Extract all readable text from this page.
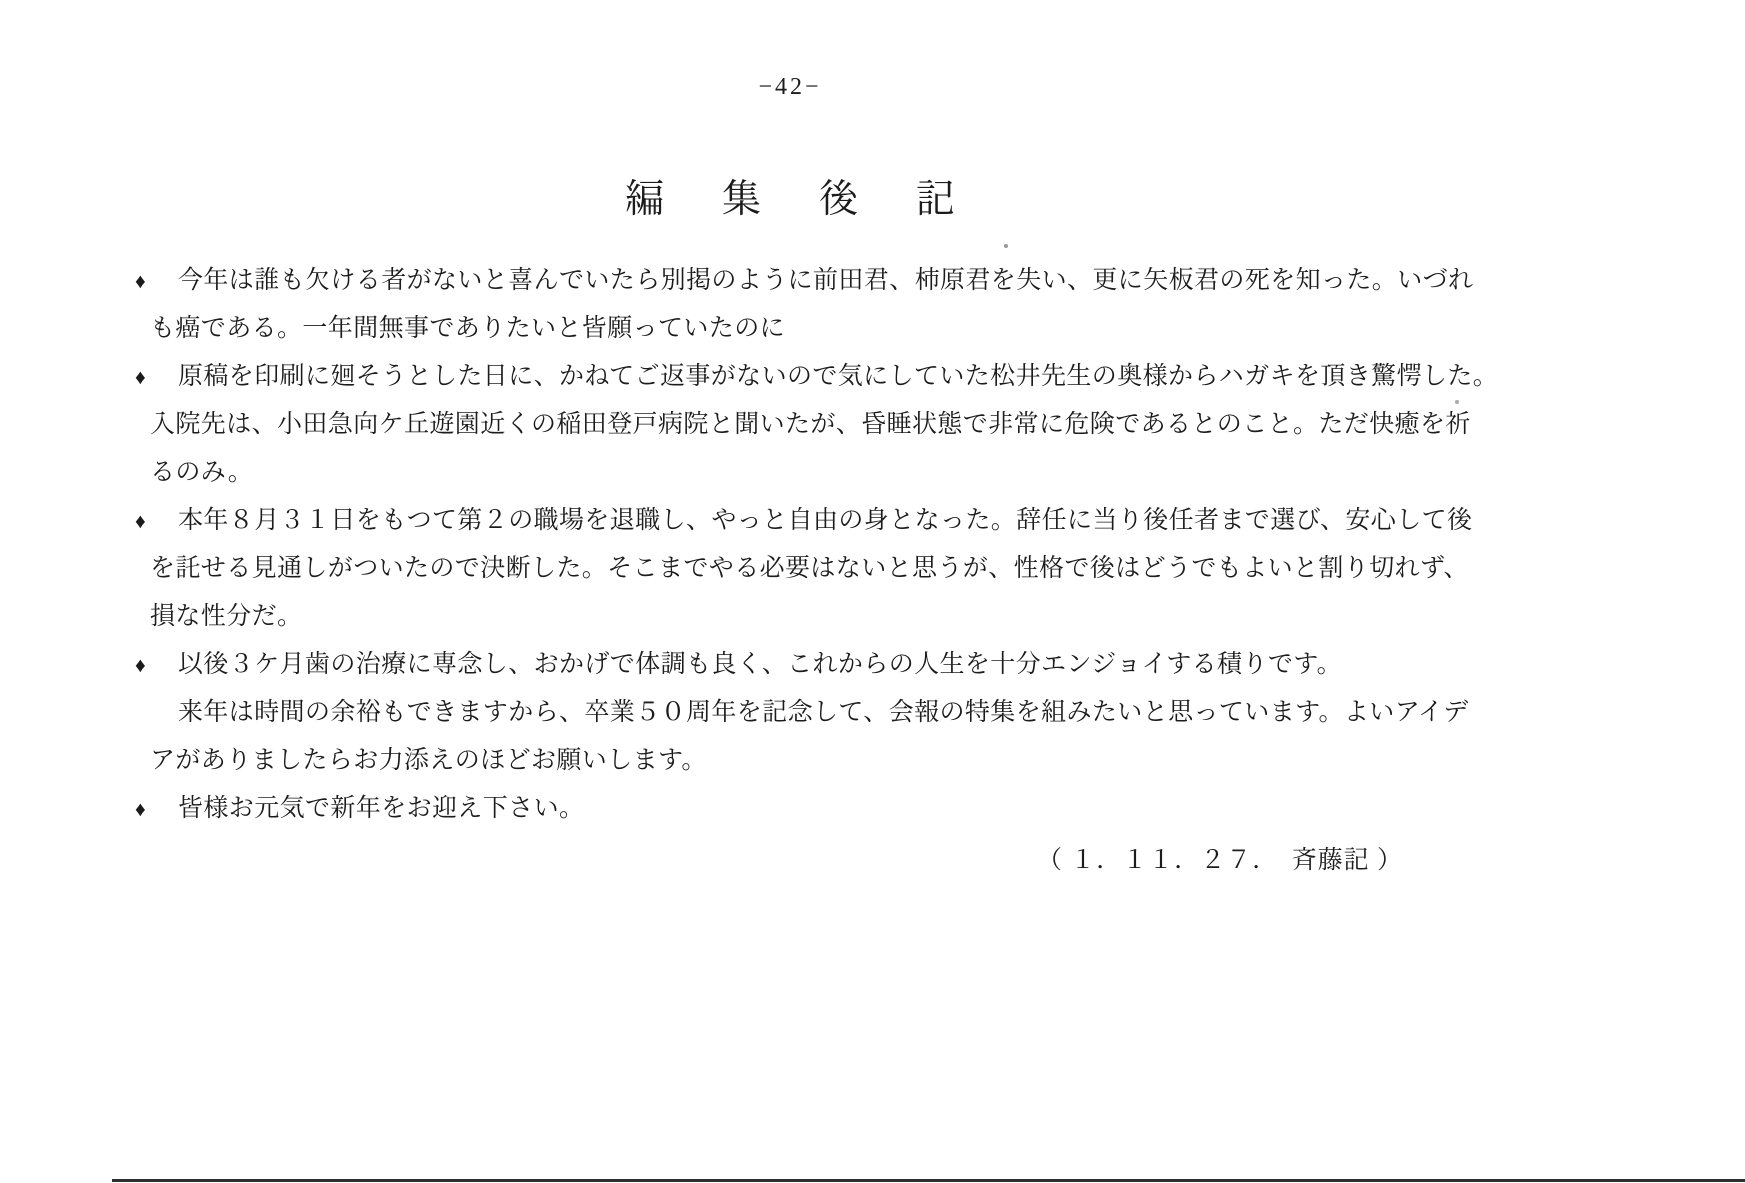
−42−
編 集 後 記
♦	今年は誰も欠ける者がないと喜んでいたら別掲のように前田君、柿原君を失い、更に矢板君の死を知った。いづれ
も癌である。一年間無事でありたいと皆願っていたのに
♦	原稿を印刷に廻そうとした日に、かねてご返事がないので気にしていた松井先生の奥様からハガキを頂き驚愕した。
入院先は、小田急向ケ丘遊園近くの稲田登戸病院と聞いたが、昏睡状態で非常に危険であるとのこと。ただ快癒を祈
るのみ。
♦	本年８月３１日をもつて第２の職場を退職し、やっと自由の身となった。辞任に当り後任者まで選び、安心して後
を託せる見通しがついたので決断した。そこまでやる必要はないと思うが、性格で後はどうでもよいと割り切れず、
損な性分だ。
♦	以後３ケ月歯の治療に専念し、おかげで体調も良く、これからの人生を十分エンジョイする積りです。
来年は時間の余裕もできますから、卒業５０周年を記念して、会報の特集を組みたいと思っています。よいアイデ
アがありましたらお力添えのほどお願いします。
♦	皆様お元気で新年をお迎え下さい。
（ １．１１．２７．　斉藤記 ）
